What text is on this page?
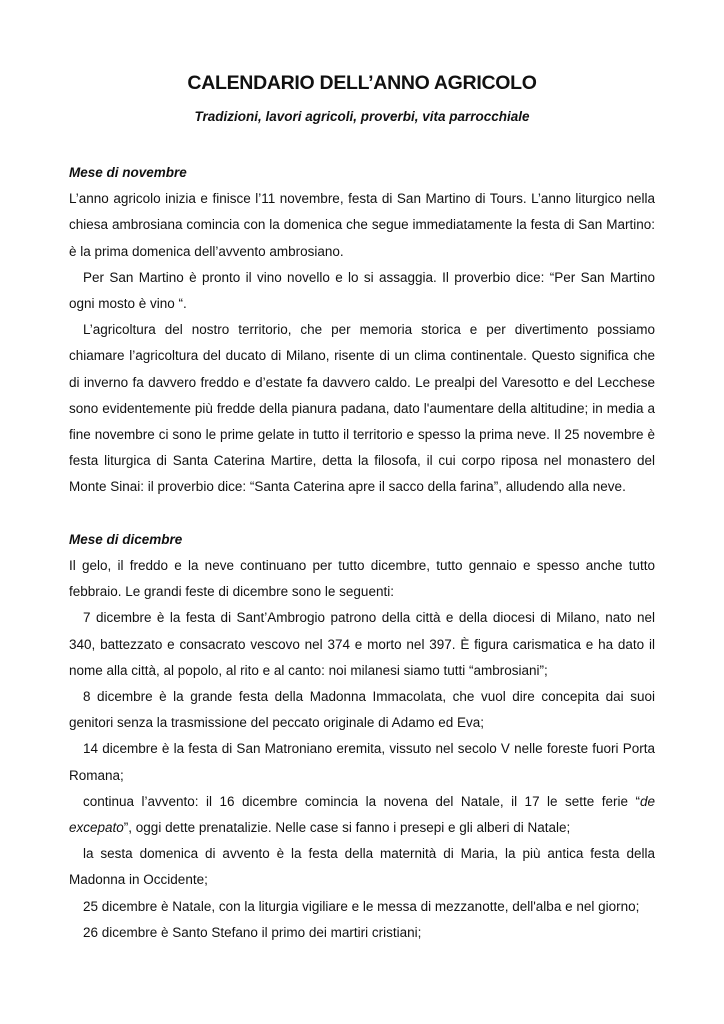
CALENDARIO DELL’ANNO AGRICOLO
Tradizioni, lavori agricoli, proverbi, vita parrocchiale

Mese di novembre

L’anno agricolo inizia e finisce l’11 novembre, festa di San Martino di Tours. L’anno liturgico nella chiesa ambrosiana comincia con la domenica che segue immediatamente la festa di San Martino: è la prima domenica dell’avvento ambrosiano.

Per San Martino è pronto il vino novello e lo si assaggia. Il proverbio dice: “Per San Martino ogni mosto è vino “.

L’agricoltura del nostro territorio, che per memoria storica e per divertimento possiamo chiamare l’agricoltura del ducato di Milano, risente di un clima continentale. Questo significa che di inverno fa davvero freddo e d’estate fa davvero caldo. Le prealpi del Varesotto e del Lecchese sono evidentemente più fredde della pianura padana, dato l'aumentare della altitudine; in media a fine novembre ci sono le prime gelate in tutto il territorio e spesso la prima neve. Il 25 novembre è festa liturgica di Santa Caterina Martire, detta la filosofa, il cui corpo riposa nel monastero del Monte Sinai: il proverbio dice: “Santa Caterina apre il sacco della farina”, alludendo alla neve.

Mese di dicembre

Il gelo, il freddo e la neve continuano per tutto dicembre, tutto gennaio e spesso anche tutto febbraio. Le grandi feste di dicembre sono le seguenti:

7 dicembre è la festa di Sant’Ambrogio patrono della città e della diocesi di Milano, nato nel 340, battezzato e consacrato vescovo nel 374 e morto nel 397. È figura carismatica e ha dato il nome alla città, al popolo, al rito e al canto: noi milanesi siamo tutti “ambrosiani”;

8 dicembre è la grande festa della Madonna Immacolata, che vuol dire concepita dai suoi genitori senza la trasmissione del peccato originale di Adamo ed Eva;

14 dicembre è la festa di San Matroniano eremita, vissuto nel secolo V nelle foreste fuori Porta Romana;

continua l’avvento: il 16 dicembre comincia la novena del Natale, il 17 le sette ferie “de excepato”, oggi dette prenatalizie. Nelle case si fanno i presepi e gli alberi di Natale;

la sesta domenica di avvento è la festa della maternità di Maria, la più antica festa della Madonna in Occidente;

25 dicembre è Natale, con la liturgia vigiliare e le messa di mezzanotte, dell'alba e nel giorno;

26 dicembre è Santo Stefano il primo dei martiri cristiani;
